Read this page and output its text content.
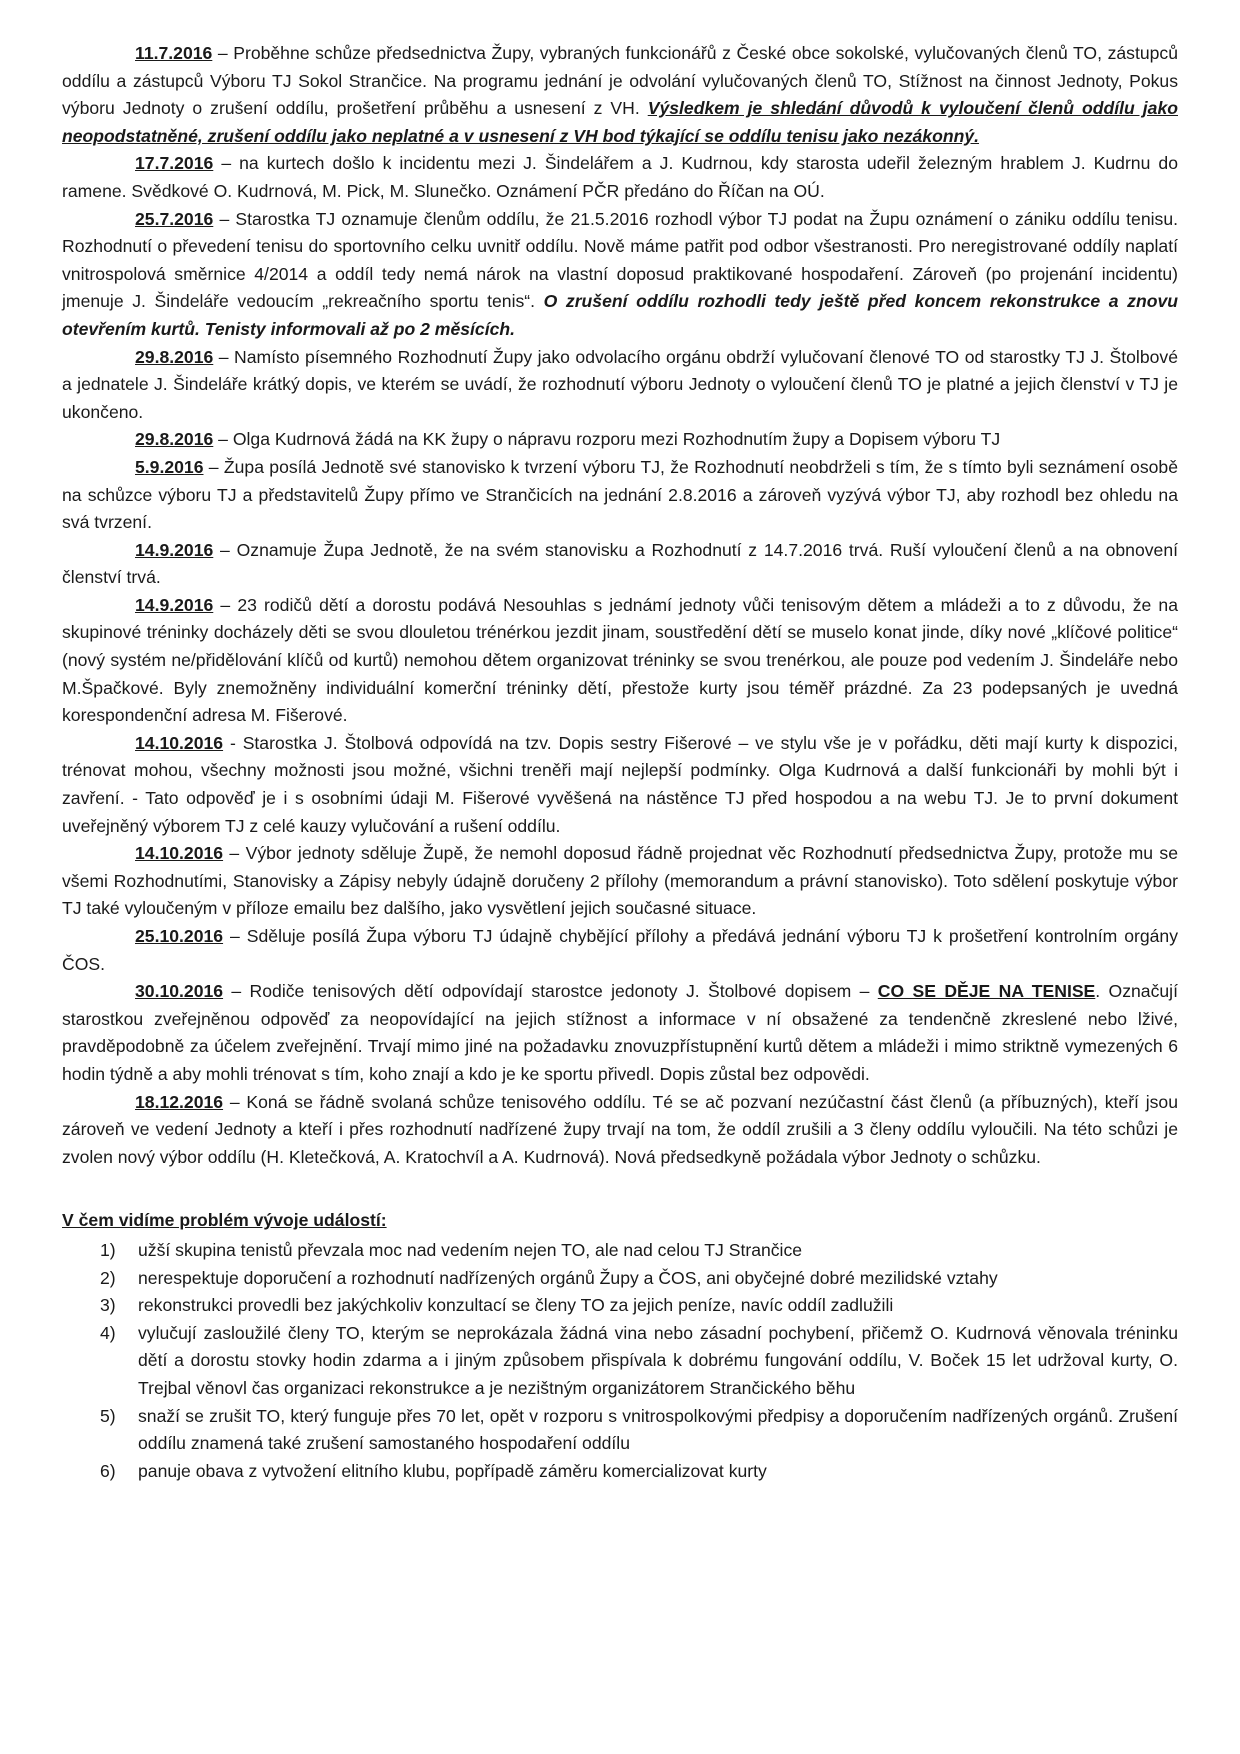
11.7.2016 – Proběhne schůze předsednictva Župy, vybraných funkcionářů z České obce sokolské, vylučovaných členů TO, zástupců oddílu a zástupců Výboru TJ Sokol Strančice. Na programu jednání je odvolání vylučovaných členů TO, Stížnost na činnost Jednoty, Pokus výboru Jednoty o zrušení oddílu, prošetření průběhu a usnesení z VH. Výsledkem je shledání důvodů k vyloučení členů oddílu jako neopodstatněné, zrušení oddílu jako neplatné a v usnesení z VH bod týkající se oddílu tenisu jako nezákonný.

17.7.2016 – na kurtech došlo k incidentu mezi J. Šindelářem a J. Kudrnou, kdy starosta udeřil železným hrablem J. Kudrnu do ramene. Svědkové O. Kudrnová, M. Pick, M. Slunečko. Oznámení PČR předáno do Říčan na OÚ.

25.7.2016 – Starostka TJ oznamuje členům oddílu, že 21.5.2016 rozhodl výbor TJ podat na Župu oznámení o zániku oddílu tenisu. Rozhodnutí o převedení tenisu do sportovního celku uvnitř oddílu. Nově máme patřit pod odbor všestranosti. Pro neregistrované oddíly naplatí vnitrospolová směrnice 4/2014 a oddíl tedy nemá nárok na vlastní doposud praktikované hospodaření. Zároveň (po projenání incidentu) jmenuje J. Šindeláře vedoucím „rekreačního sportu tenis“. O zrušení oddílu rozhodli tedy ještě před koncem rekonstrukce a znovu otevřením kurtů. Tenisty informovali až po 2 měsících.

29.8.2016 – Namísto písemného Rozhodnutí Župy jako odvolacího orgánu obdrží vylučovaní členové TO od starostky TJ J. Štolbové a jednatele J. Šindeláře krátký dopis, ve kterém se uvádí, že rozhodnutí výboru Jednoty o vyloučení členů TO je platné a jejich členství v TJ je ukončeno.

29.8.2016 – Olga Kudrnová žádá na KK župy o nápravu rozporu mezi Rozhodnutím župy a Dopisem výboru TJ

5.9.2016 – Župa posílá Jednotě své stanovisko k tvrzení výboru TJ, že Rozhodnutí neobdrželi s tím, že s tímto byli seznámení osobě na schůzce výboru TJ a představitelů Župy přímo ve Strančicích na jednání 2.8.2016 a zároveň vyzývá výbor TJ, aby rozhodl bez ohledu na svá tvrzení.

14.9.2016 – Oznamuje Župa Jednotě, že na svém stanovisku a Rozhodnutí z 14.7.2016 trvá. Ruší vyloučení členů a na obnovení členství trvá.

14.9.2016 – 23 rodičů dětí a dorostu podává Nesouhlas s jednámí jednoty vůči tenisovým dětem a mládeži a to z důvodu, že na skupinové tréninky docházely děti se svou dlouletou trénérkou jezdit jinam, soustředění dětí se muselo konat jinde, díky nové „klíčové politice“ (nový systém ne/přidělování klíčů od kurtů) nemohou dětem organizovat tréninky se svou trenérkou, ale pouze pod vedením J. Šindeláře nebo M.Špačkové. Byly znemožněny individuální komerční tréninky dětí, přestože kurty jsou téměř prázdné. Za 23 podepsaných je uvedná korespondenční adresa M. Fišerové.

14.10.2016 - Starostka J. Štolbová odpovídá na tzv. Dopis sestry Fišerové – ve stylu vše je v pořádku, děti mají kurty k dispozici, trénovat mohou, všechny možnosti jsou možné, všichni treněři mají nejlepší podmínky. Olga Kudrnová a další funkcionáři by mohli být i zavření. - Tato odpověď je i s osobními údaji M. Fišerové vyvěšená na nástěnce TJ před hospodou a na webu TJ. Je to první dokument uveřejněný výborem TJ z celé kauzy vylučování a rušení oddílu.

14.10.2016 – Výbor jednoty sděluje Župě, že nemohl doposud řádně projednat věc Rozhodnutí předsednictva Župy, protože mu se všemi Rozhodnutími, Stanovisky a Zápisy nebyly údajně doručeny 2 přílohy (memorandum a právní stanovisko). Toto sdělení poskytuje výbor TJ také vyloučeným v příloze emailu bez dalšího, jako vysvětlení jejich současné situace.

25.10.2016 – Sděluje posílá Župa výboru TJ údajně chybějící přílohy a předává jednání výboru TJ k prošetření kontrolním orgány ČOS.

30.10.2016 – Rodiče tenisových dětí odpovídají starostce jedonoty J. Štolbové dopisem – CO SE DĚJE NA TENISE. Označují starostkou zveřejněnou odpověď za neopovídající na jejich stížnost a informace v ní obsažené za tendenčně zkreslené nebo lživé, pravděpodobně za účelem zveřejnění. Trvají mimo jiné na požadavku znovuzpřístupnění kurtů dětem a mládeži i mimo striktně vymezených 6 hodin týdně a aby mohli trénovat s tím, koho znají a kdo je ke sportu přivedl. Dopis zůstal bez odpovědi.

18.12.2016 – Koná se řádně svolaná schůze tenisového oddílu. Té se ač pozvaní nezúčastní část členů (a příbuzných), kteří jsou zároveň ve vedení Jednoty a kteří i přes rozhodnutí nadřízené župy trvají na tom, že oddíl zrušili a 3 členy oddílu vyloučili. Na této schůzi je zvolen nový výbor oddílu (H. Kletečková, A. Kratochvíl a A. Kudrnová). Nová předsedkyně požádala výbor Jednoty o schůzku.

V čem vidíme problém vývoje událostí:
1) užší skupina tenistů převzala moc nad vedením nejen TO, ale nad celou TJ Strančice
2) nerespektuje doporučení a rozhodnutí nadřízených orgánů Župy a ČOS, ani obyčejné dobré mezilidské vztahy
3) rekonstrukci provedli bez jakýchkoliv konzultací se členy TO za jejich peníze, navíc oddíl zadlužili
4) vylučují zasloužilé členy TO, kterým se neprokázala žádná vina nebo zásadní pochybení, přičemž O. Kudrnová věnovala tréninku dětí a dorostu stovky hodin zdarma a i jiným způsobem přispívala k dobrému fungování oddílu, V. Boček 15 let udržoval kurty, O. Trejbal věnovl čas organizaci rekonstrukce a je nezištným organizátorem Strančického běhu
5) snaží se zrušit TO, který funguje přes 70 let, opět v rozporu s vnitrospolkovými předpisy a doporučením nadřízených orgánů. Zrušení oddílu znamená také zrušení samostaného hospodaření oddílu
6) panuje obava z vytvožení elitního klubu, popřípadě záměru komercializovat kurty
